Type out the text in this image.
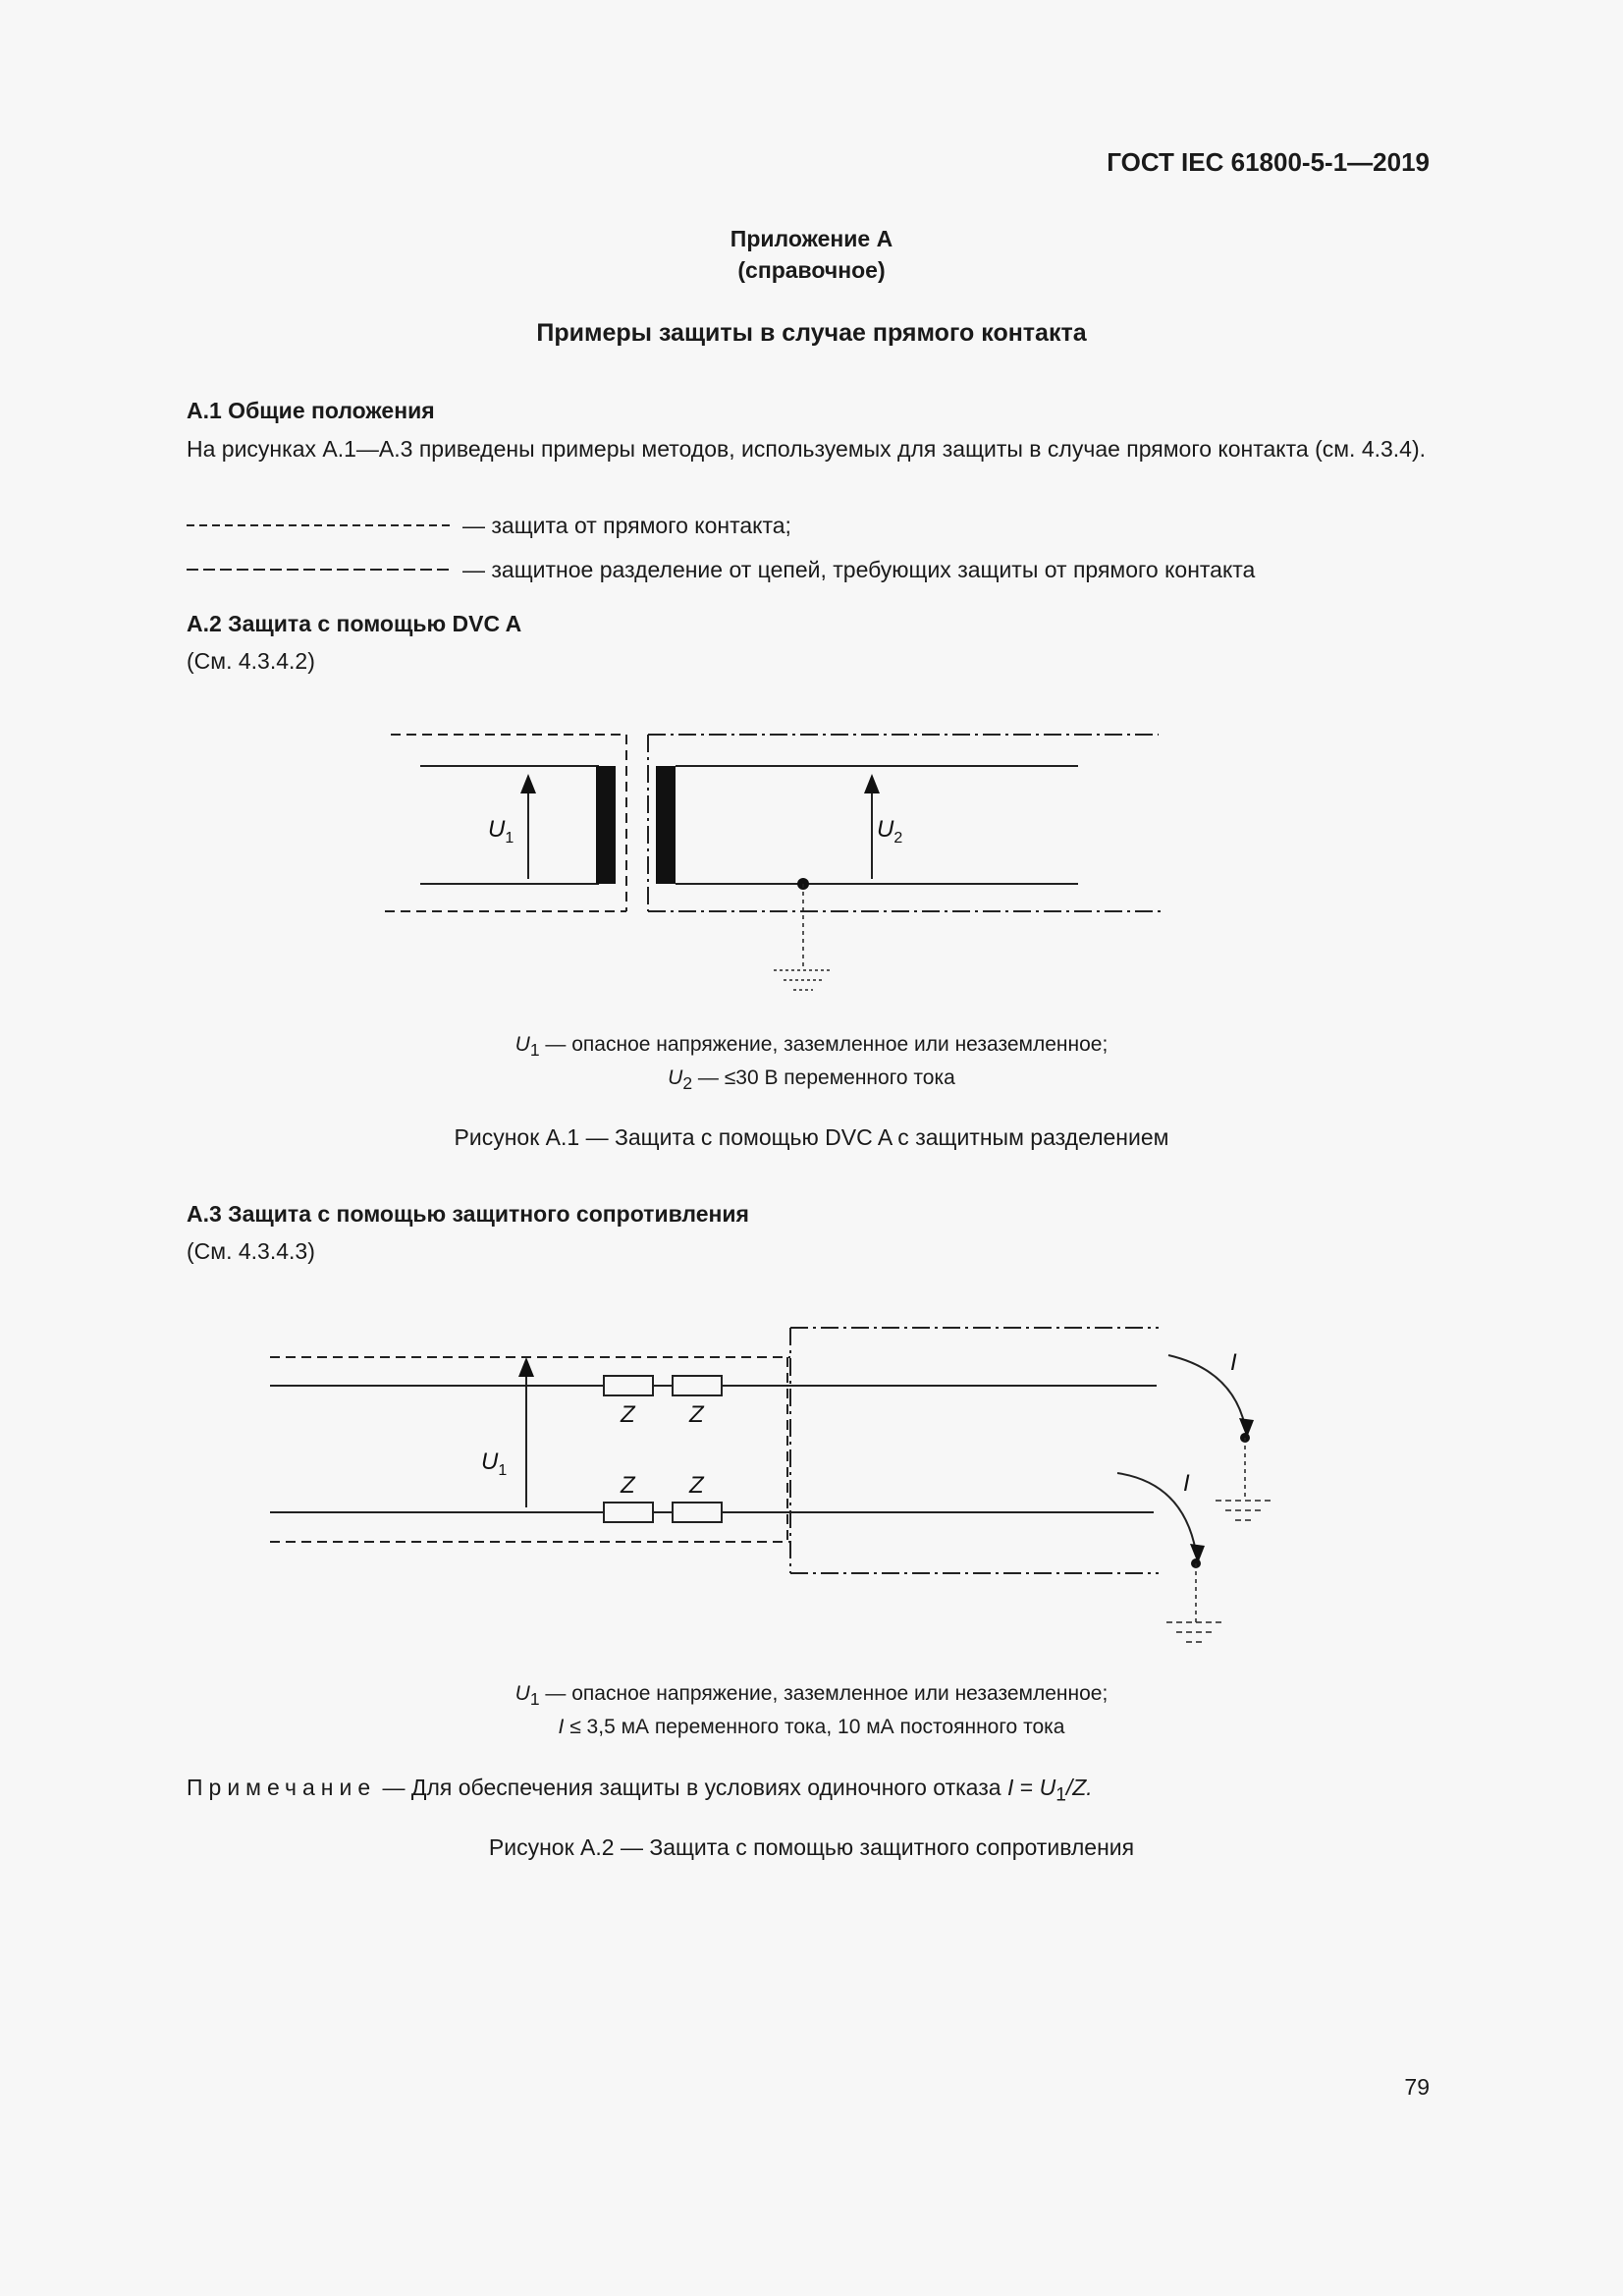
ГОСТ IEC 61800-5-1—2019
Приложение А
(справочное)
Примеры защиты в случае прямого контакта
А.1 Общие положения
На рисунках А.1—А.3 приведены примеры методов, используемых для защиты в случае прямого контакта (см. 4.3.4).
— защита от прямого контакта;
— защитное разделение от цепей, требующих защиты от прямого контакта
А.2 Защита с помощью DVC A
(См. 4.3.4.2)
$U_1$	$U_2$
$U_1$ — опасное напряжение, заземленное или незаземленное;
$U_2$ — ≤30 В переменного тока
Рисунок А.1 — Защита с помощью DVC A с защитным разделением
А.3 Защита с помощью защитного сопротивления
(См. 4.3.4.3)
Z Z
Z Z
$U_1$
I
I
$U_1$ — опасное напряжение, заземленное или незаземленное;
I ≤ 3,5 мА переменного тока, 10 мА постоянного тока
Примечание — Для обеспечения защиты в условиях одиночного отказа $I = U_1/Z$.
Рисунок А.2 — Защита с помощью защитного сопротивления
79
